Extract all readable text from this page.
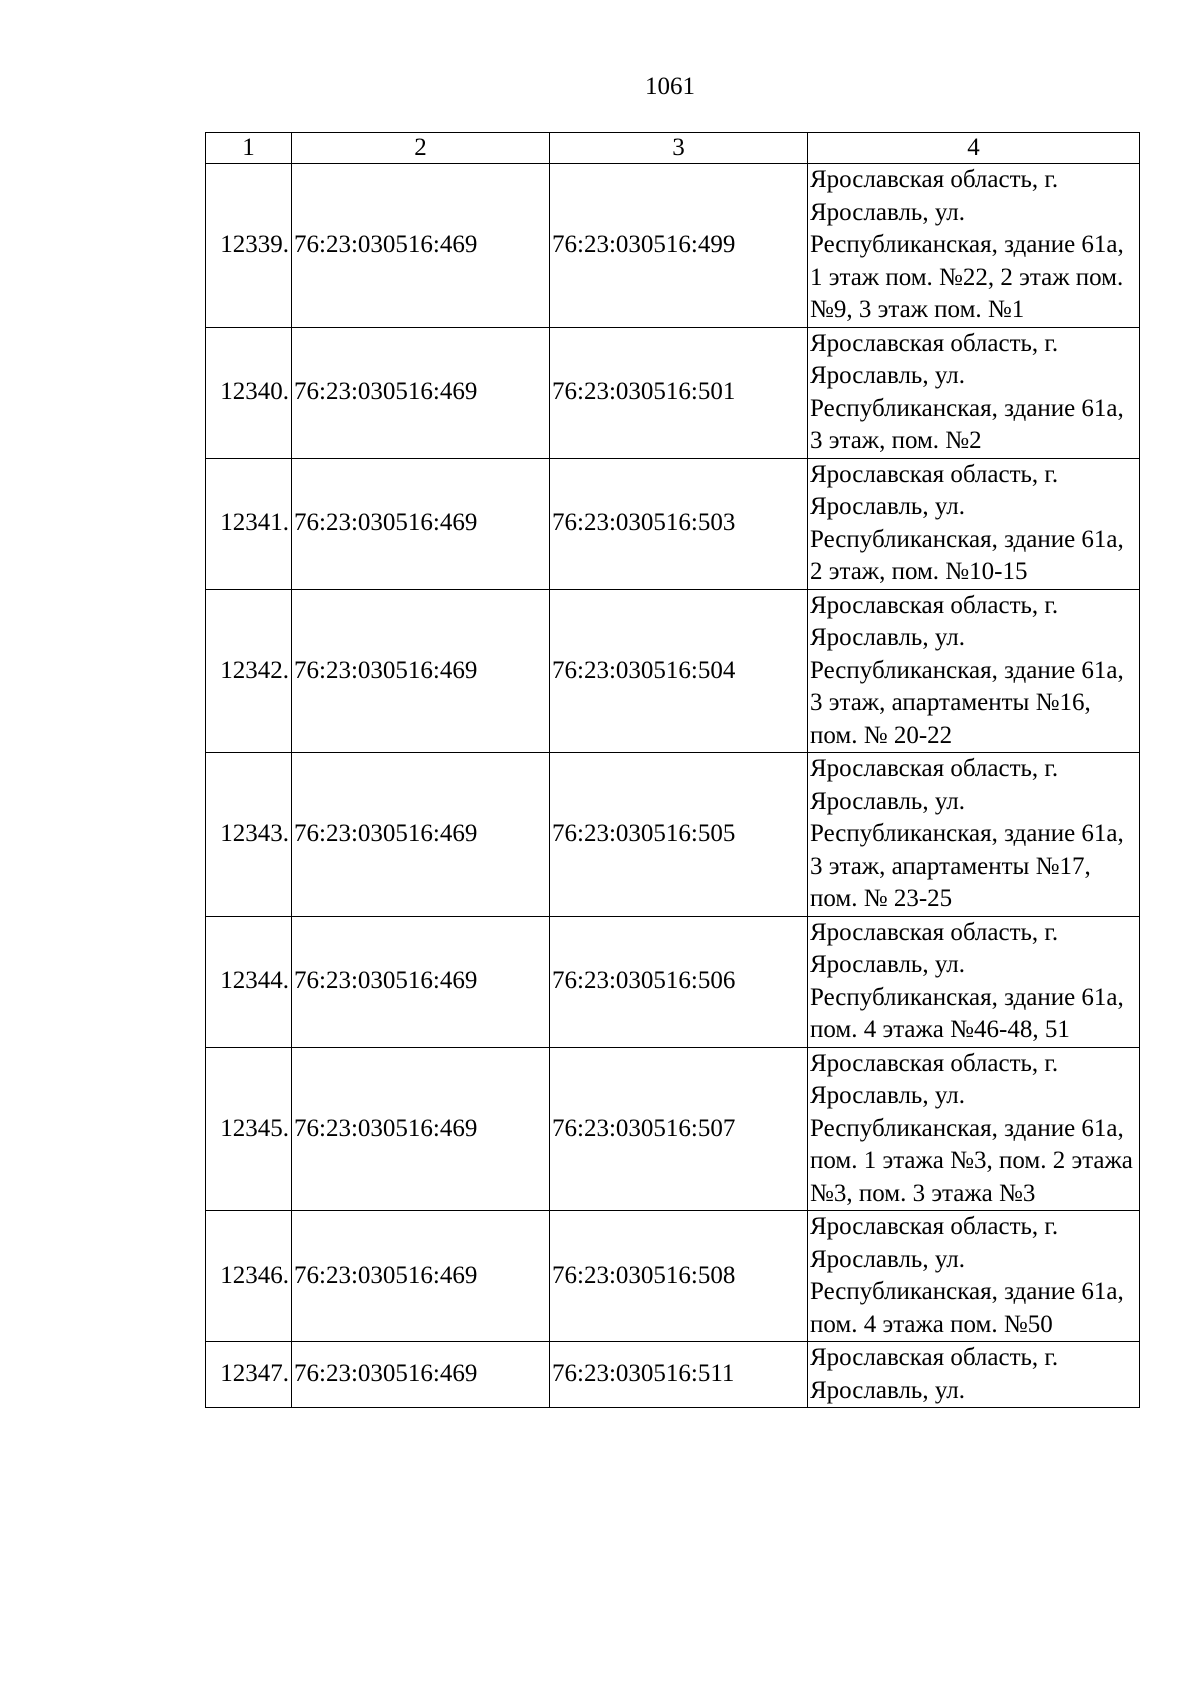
1061
1	2	3	4
12339.	76:23:030516:469	76:23:030516:499	Ярославская область, г. Ярославль, ул. Республиканская, здание 61а, 1 этаж пом. №22, 2 этаж пом. №9, 3 этаж пом. №1
12340.	76:23:030516:469	76:23:030516:501	Ярославская область, г. Ярославль, ул. Республиканская, здание 61а, 3 этаж, пом. №2
12341.	76:23:030516:469	76:23:030516:503	Ярославская область, г. Ярославль, ул. Республиканская, здание 61а, 2 этаж, пом. №10-15
12342.	76:23:030516:469	76:23:030516:504	Ярославская область, г. Ярославль, ул. Республиканская, здание 61а, 3 этаж, апартаменты №16, пом. № 20-22
12343.	76:23:030516:469	76:23:030516:505	Ярославская область, г. Ярославль, ул. Республиканская, здание 61а, 3 этаж, апартаменты №17, пом. № 23-25
12344.	76:23:030516:469	76:23:030516:506	Ярославская область, г. Ярославль, ул. Республиканская, здание 61а, пом. 4 этажа №46-48, 51
12345.	76:23:030516:469	76:23:030516:507	Ярославская область, г. Ярославль, ул. Республиканская, здание 61а, пом. 1 этажа №3, пом. 2 этажа №3, пом. 3 этажа №3
12346.	76:23:030516:469	76:23:030516:508	Ярославская область, г. Ярославль, ул. Республиканская, здание 61а, пом. 4 этажа пом. №50
12347.	76:23:030516:469	76:23:030516:511	Ярославская область, г. Ярославль, ул.
